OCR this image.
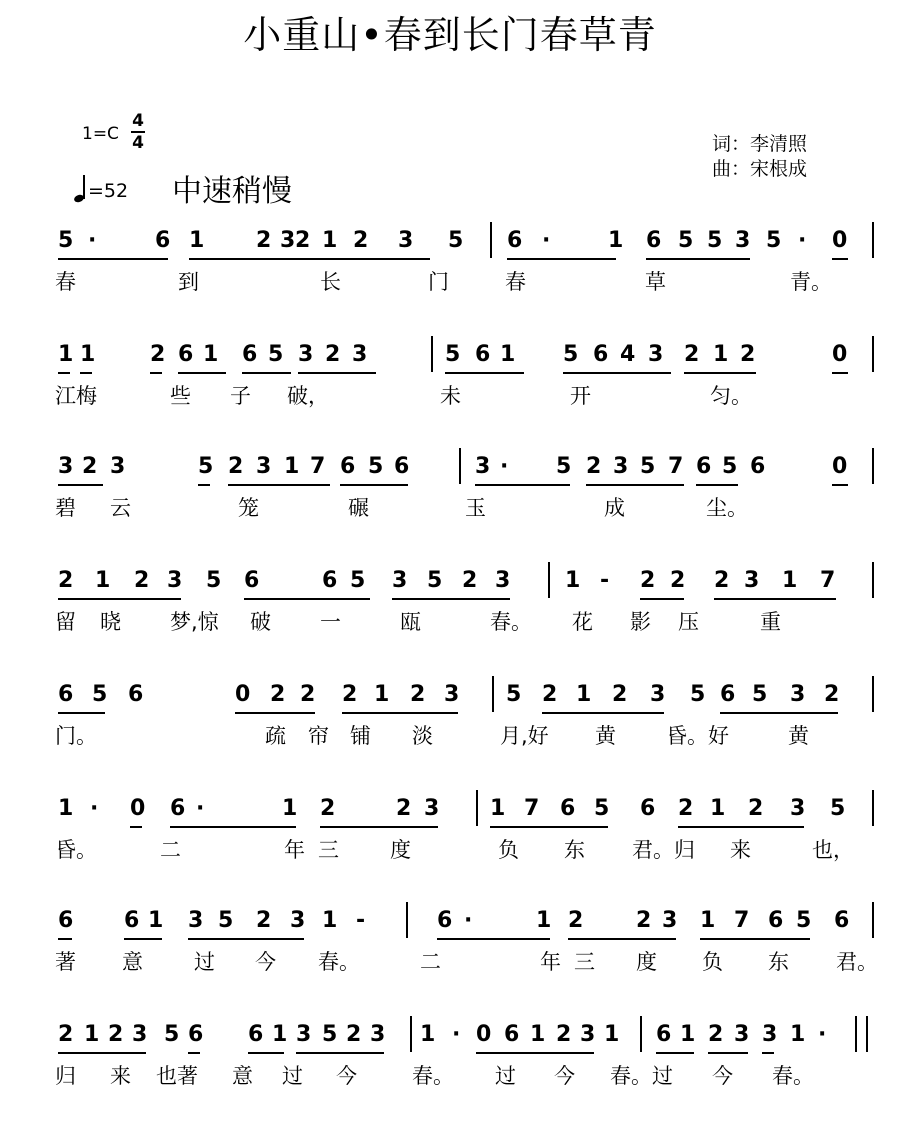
小重山•春到长门春草青
1=C
4
4
=52 中速稍慢
词：李清照
曲：宋根成
5 ·	6 1 2 3 2 1 2 3 5 6 ·	1 6 5 5 3 5 · 0
春	到	长	门	春	草	青。
1 1 2 6 1 6 5 3 2 3	5 6 1 5 6 4 3 2 1 2	0
江梅	些 子 破，	未	开	匀。
3 2 3	5 2 3 1 7 6 5 6	3 · 5 2 3 5 7 6 5 6	0
碧 云	笼	碾	玉	成	尘。
2 1 2 3 5 6	6 5 3 5 2 3 1 - 2 2 2 3 1 7
留 晓 梦,惊 破 一	瓯	春。 花 影 压	重
6 5 6	0 2 2 2 1 2 3 5 2 1 2 3 5 6 5 3 2
门。	疏 帘 铺 淡	月,好 黄 昏。好	黄
1 · 0 6 ·	1 2	2 3 1 7 6 5 6 2 1 2 3 5
昏。	二	年 三 度	负 东 君。归 来	也，
6 6 1 3 5 2 3 1 -	6 ·	1 2 2 3 1 7 6 5 6
著 意 过 今 春。	二	年 三 度 负 东 君。
2 1 2 3 5 6 6 1 3 5 2 3 1 · 0 6 1 2 3 1 6 1 2 3 3 1 ·
归 来 也著 意 过 今	春。 过 今 春。过 今 春。
